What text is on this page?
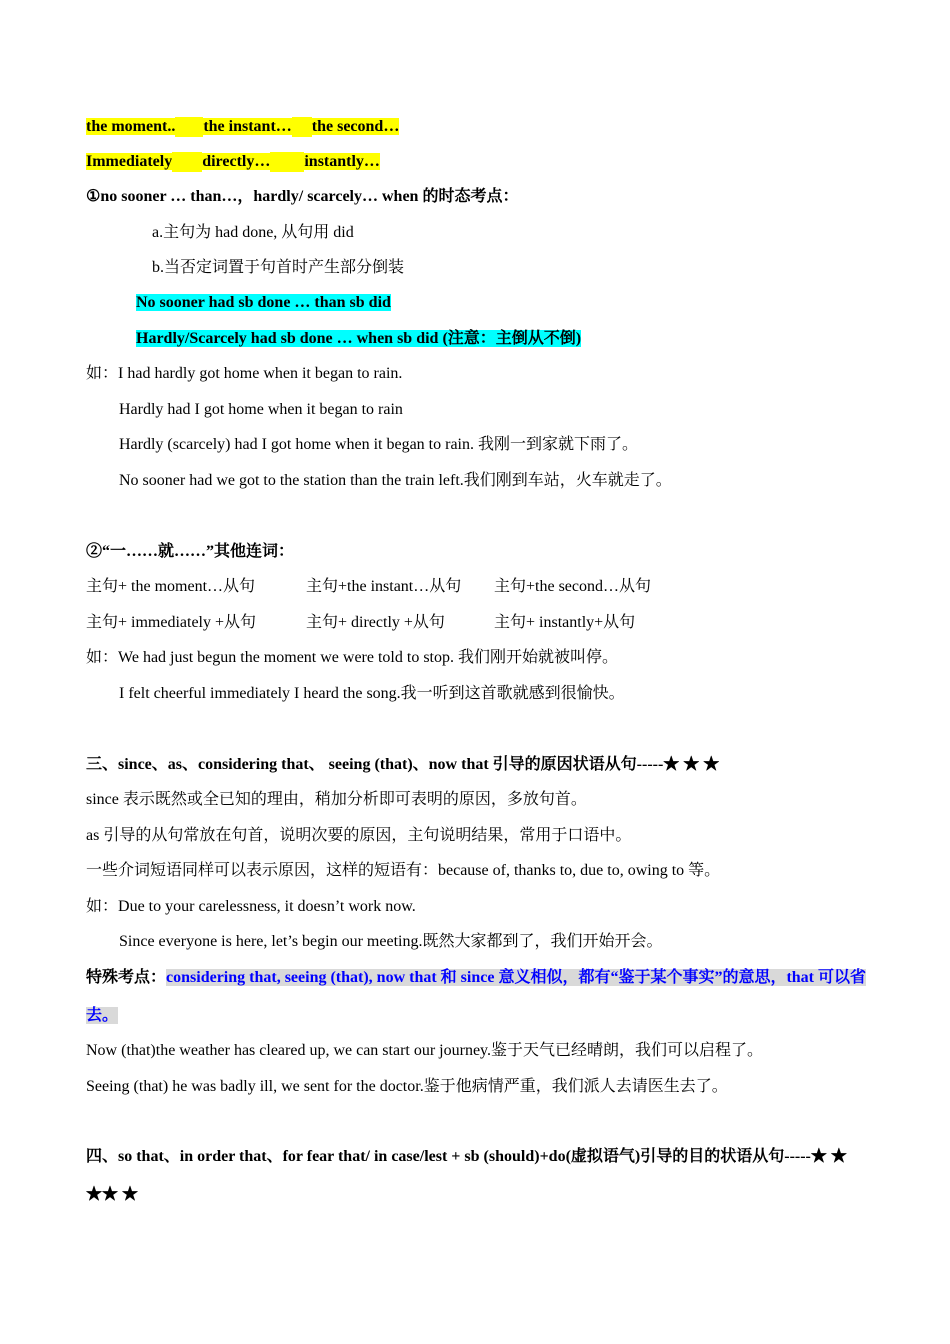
the moment.. the instant… the second…
Immediately directly… instantly…
①no sooner … than…，hardly/ scarcely… when 的时态考点：
a.主句为 had done, 从句用 did
b.当否定词置于句首时产生部分倒装
No sooner had sb done … than sb did
Hardly/Scarcely had sb done … when sb did (注意：主倒从不倒)
如：I had hardly got home when it began to rain.
Hardly had I got home when it began to rain
Hardly (scarcely) had I got home when it began to rain. 我刚一到家就下雨了。
No sooner had we got to the station than the train left.我们刚到车站，火车就走了。
②“一……就……”其他连词：
主句+ the moment…从句	主句+the instant…从句 主句+the second…从句
主句+ immediately +从句	主句+ directly +从句	主句+ instantly+从句
如：We had just begun the moment we were told to stop. 我们刚开始就被叫停。
I felt cheerful immediately I heard the song.我一听到这首歌就感到很愉快。
三、since、as、considering that、 seeing (that)、now that 引导的原因状语从句-----★ ★ ★
since 表示既然或全已知的理由，稍加分析即可表明的原因，多放句首。
as 引导的从句常放在句首，说明次要的原因，主句说明结果，常用于口语中。
一些介词短语同样可以表示原因，这样的短语有：because of, thanks to, due to, owing to 等。
如：Due to your carelessness, it doesn’t work now.
Since everyone is here, let’s begin our meeting.既然大家都到了，我们开始开会。
特殊考点：considering that, seeing (that), now that 和 since 意义相似，都有“鉴于某个事实”的意思，that 可以省去。
Now (that)the weather has cleared up, we can start our journey.鉴于天气已经晴朗，我们可以启程了。
Seeing (that) he was badly ill, we sent for the doctor.鉴于他病情严重，我们派人去请医生去了。
四、so that、in order that、for fear that/ in case/lest + sb (should)+do(虚拟语气)引导的目的状语从句-----★ ★ ★★ ★
